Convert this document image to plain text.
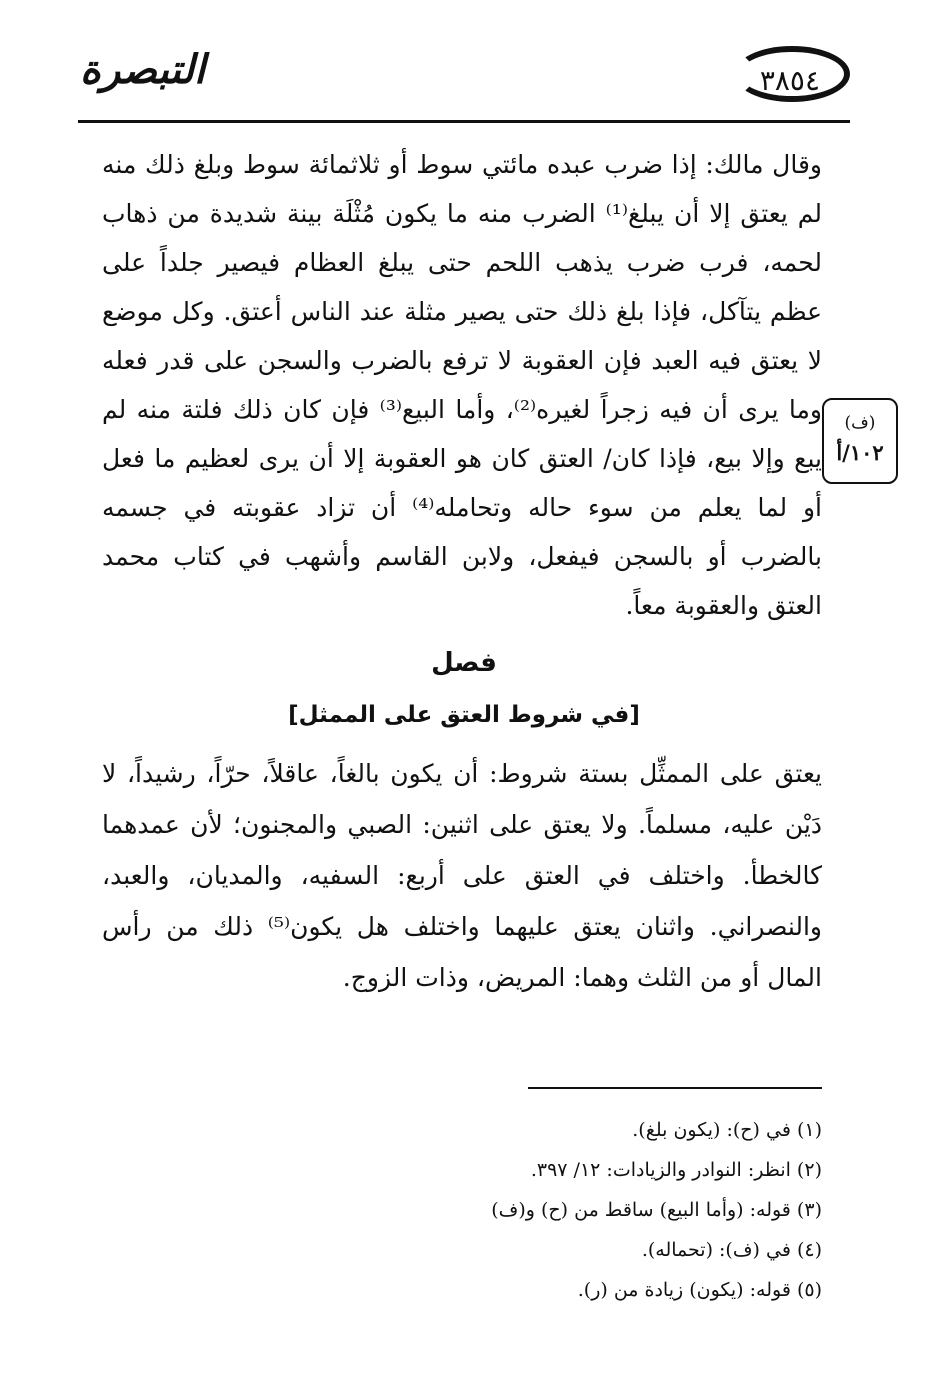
التبصرة	٣٨٥٤

وقال مالك: إذا ضرب عبده مائتي سوط أو ثلاثمائة سوط وبلغ ذلك منه لم يعتق إلا أن يبلغ⁽¹⁾ الضرب منه ما يكون مُثْلَة بينة شديدة من ذهاب لحمه، فرب ضرب يذهب اللحم حتى يبلغ العظام فيصير جلداً على عظم يتآكل، فإذا بلغ ذلك حتى يصير مثلة عند الناس أعتق. وكل موضع لا يعتق فيه العبد فإن العقوبة لا ترفع بالضرب والسجن على قدر فعله وما يرى أن فيه زجراً لغيره⁽²⁾، وأما البيع⁽³⁾ فإن كان ذلك فلتة منه لم يبع وإلا بيع، فإذا كان/ العتق كان هو العقوبة إلا أن يرى لعظيم ما فعل أو لما يعلم من سوء حاله وتحامله⁽⁴⁾ أن تزاد عقوبته في جسمه بالضرب أو بالسجن فيفعل، ولابن القاسم وأشهب في كتاب محمد العتق والعقوبة معاً.

(ف)
١٠٢/أ
فصل
[في شروط العتق على الممثل]

يعتق على الممثِّل بستة شروط: أن يكون بالغاً، عاقلاً، حرّاً، رشيداً، لا دَيْن عليه، مسلماً. ولا يعتق على اثنين: الصبي والمجنون؛ لأن عمدهما كالخطأ. واختلف في العتق على أربع: السفيه، والمديان، والعبد، والنصراني. واثنان يعتق عليهما واختلف هل يكون⁽⁵⁾ ذلك من رأس المال أو من الثلث وهما: المريض، وذات الزوج.

(١) في (ح): (يكون بلغ).
(٢) انظر: النوادر والزيادات: ١٢/ ٣٩٧.
(٣) قوله: (وأما البيع) ساقط من (ح) و(ف)
(٤) في (ف): (تحماله).
(٥) قوله: (يكون) زيادة من (ر).
